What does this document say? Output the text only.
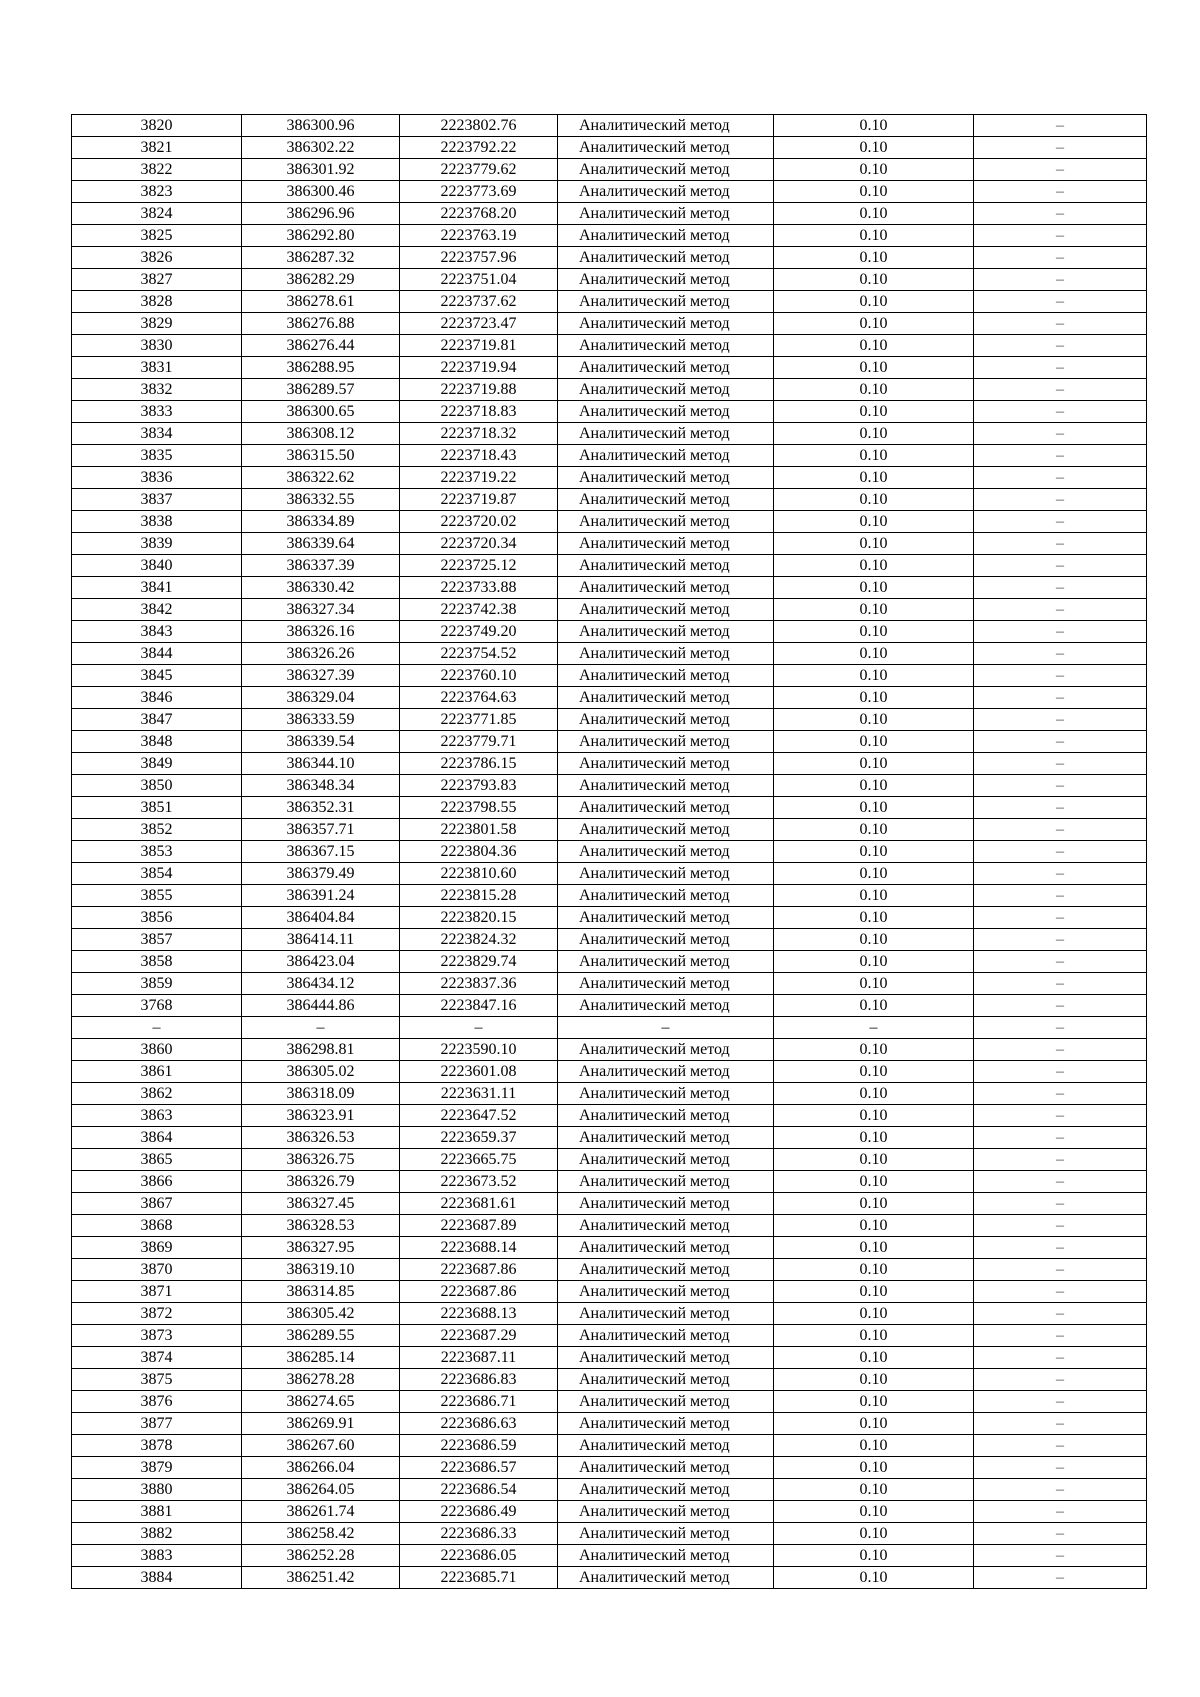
3820	386300.96	2223802.76	Аналитический метод	0.10	–
3821	386302.22	2223792.22	Аналитический метод	0.10	–
3822	386301.92	2223779.62	Аналитический метод	0.10	–
3823	386300.46	2223773.69	Аналитический метод	0.10	–
3824	386296.96	2223768.20	Аналитический метод	0.10	–
3825	386292.80	2223763.19	Аналитический метод	0.10	–
3826	386287.32	2223757.96	Аналитический метод	0.10	–
3827	386282.29	2223751.04	Аналитический метод	0.10	–
3828	386278.61	2223737.62	Аналитический метод	0.10	–
3829	386276.88	2223723.47	Аналитический метод	0.10	–
3830	386276.44	2223719.81	Аналитический метод	0.10	–
3831	386288.95	2223719.94	Аналитический метод	0.10	–
3832	386289.57	2223719.88	Аналитический метод	0.10	–
3833	386300.65	2223718.83	Аналитический метод	0.10	–
3834	386308.12	2223718.32	Аналитический метод	0.10	–
3835	386315.50	2223718.43	Аналитический метод	0.10	–
3836	386322.62	2223719.22	Аналитический метод	0.10	–
3837	386332.55	2223719.87	Аналитический метод	0.10	–
3838	386334.89	2223720.02	Аналитический метод	0.10	–
3839	386339.64	2223720.34	Аналитический метод	0.10	–
3840	386337.39	2223725.12	Аналитический метод	0.10	–
3841	386330.42	2223733.88	Аналитический метод	0.10	–
3842	386327.34	2223742.38	Аналитический метод	0.10	–
3843	386326.16	2223749.20	Аналитический метод	0.10	–
3844	386326.26	2223754.52	Аналитический метод	0.10	–
3845	386327.39	2223760.10	Аналитический метод	0.10	–
3846	386329.04	2223764.63	Аналитический метод	0.10	–
3847	386333.59	2223771.85	Аналитический метод	0.10	–
3848	386339.54	2223779.71	Аналитический метод	0.10	–
3849	386344.10	2223786.15	Аналитический метод	0.10	–
3850	386348.34	2223793.83	Аналитический метод	0.10	–
3851	386352.31	2223798.55	Аналитический метод	0.10	–
3852	386357.71	2223801.58	Аналитический метод	0.10	–
3853	386367.15	2223804.36	Аналитический метод	0.10	–
3854	386379.49	2223810.60	Аналитический метод	0.10	–
3855	386391.24	2223815.28	Аналитический метод	0.10	–
3856	386404.84	2223820.15	Аналитический метод	0.10	–
3857	386414.11	2223824.32	Аналитический метод	0.10	–
3858	386423.04	2223829.74	Аналитический метод	0.10	–
3859	386434.12	2223837.36	Аналитический метод	0.10	–
3768	386444.86	2223847.16	Аналитический метод	0.10	–
–	–	–	–	–	–
3860	386298.81	2223590.10	Аналитический метод	0.10	–
3861	386305.02	2223601.08	Аналитический метод	0.10	–
3862	386318.09	2223631.11	Аналитический метод	0.10	–
3863	386323.91	2223647.52	Аналитический метод	0.10	–
3864	386326.53	2223659.37	Аналитический метод	0.10	–
3865	386326.75	2223665.75	Аналитический метод	0.10	–
3866	386326.79	2223673.52	Аналитический метод	0.10	–
3867	386327.45	2223681.61	Аналитический метод	0.10	–
3868	386328.53	2223687.89	Аналитический метод	0.10	–
3869	386327.95	2223688.14	Аналитический метод	0.10	–
3870	386319.10	2223687.86	Аналитический метод	0.10	–
3871	386314.85	2223687.86	Аналитический метод	0.10	–
3872	386305.42	2223688.13	Аналитический метод	0.10	–
3873	386289.55	2223687.29	Аналитический метод	0.10	–
3874	386285.14	2223687.11	Аналитический метод	0.10	–
3875	386278.28	2223686.83	Аналитический метод	0.10	–
3876	386274.65	2223686.71	Аналитический метод	0.10	–
3877	386269.91	2223686.63	Аналитический метод	0.10	–
3878	386267.60	2223686.59	Аналитический метод	0.10	–
3879	386266.04	2223686.57	Аналитический метод	0.10	–
3880	386264.05	2223686.54	Аналитический метод	0.10	–
3881	386261.74	2223686.49	Аналитический метод	0.10	–
3882	386258.42	2223686.33	Аналитический метод	0.10	–
3883	386252.28	2223686.05	Аналитический метод	0.10	–
3884	386251.42	2223685.71	Аналитический метод	0.10	–
